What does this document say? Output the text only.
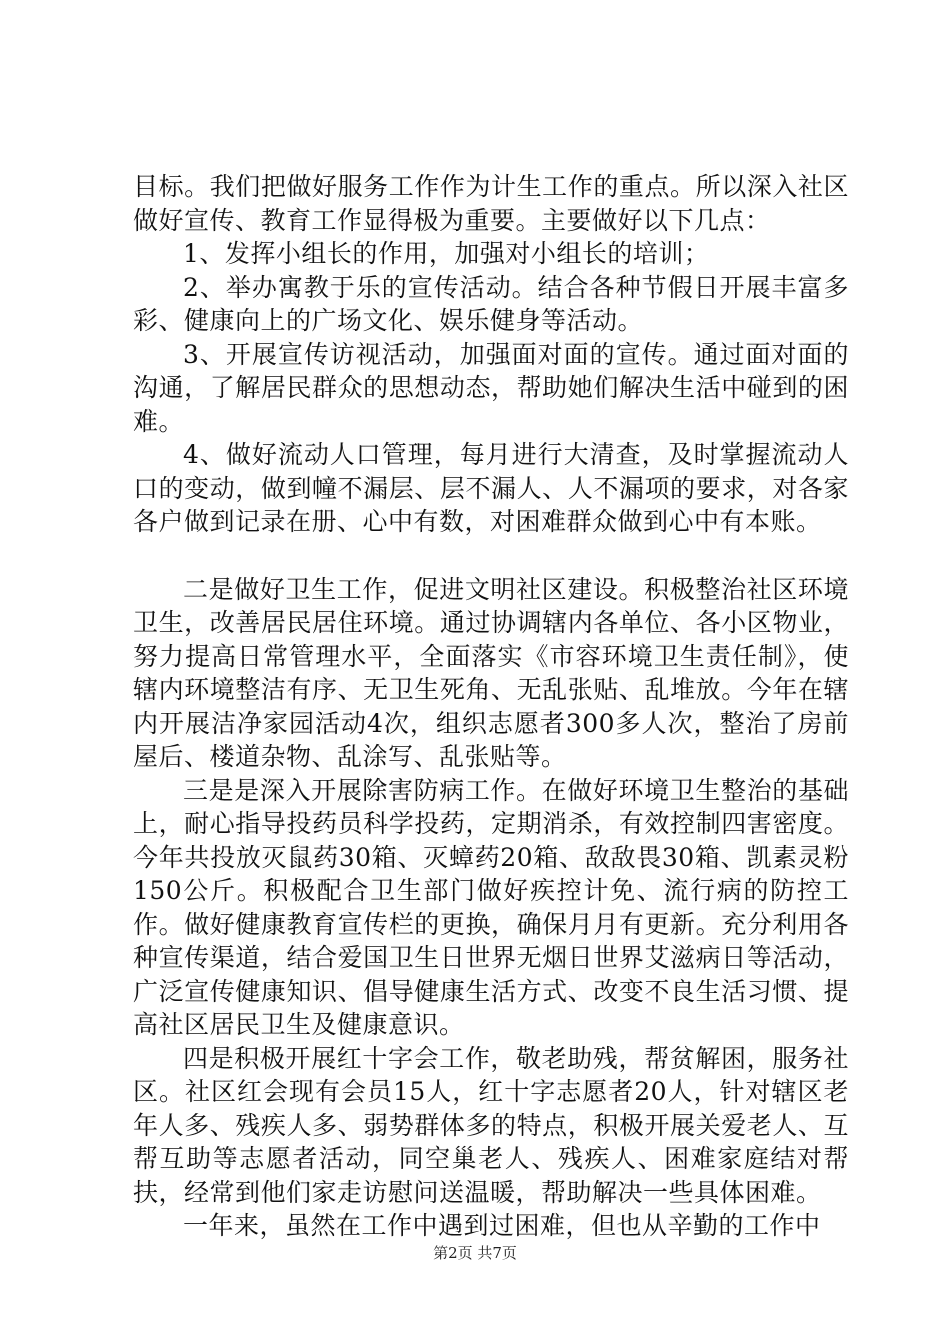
目标。我们把做好服务工作作为计生工作的重点。所以深入社区做好宣传、教育工作显得极为重要。主要做好以下几点：

1、发挥小组长的作用，加强对小组长的培训；

2、举办寓教于乐的宣传活动。结合各种节假日开展丰富多彩、健康向上的广场文化、娱乐健身等活动。

3、开展宣传访视活动，加强面对面的宣传。通过面对面的沟通，了解居民群众的思想动态，帮助她们解决生活中碰到的困难。

4、做好流动人口管理，每月进行大清查，及时掌握流动人口的变动，做到幢不漏层、层不漏人、人不漏项的要求，对各家各户做到记录在册、心中有数，对困难群众做到心中有本账。

二是做好卫生工作，促进文明社区建设。积极整治社区环境卫生，改善居民居住环境。通过协调辖内各单位、各小区物业，努力提高日常管理水平，全面落实《市容环境卫生责任制》，使辖内环境整洁有序、无卫生死角、无乱张贴、乱堆放。今年在辖内开展洁净家园活动4次，组织志愿者300多人次，整治了房前屋后、楼道杂物、乱涂写、乱张贴等。

三是是深入开展除害防病工作。在做好环境卫生整治的基础上，耐心指导投药员科学投药，定期消杀，有效控制四害密度。今年共投放灭鼠药30箱、灭蟑药20箱、敌敌畏30箱、凯素灵粉150公斤。积极配合卫生部门做好疾控计免、流行病的防控工作。做好健康教育宣传栏的更换，确保月月有更新。充分利用各种宣传渠道，结合爱国卫生日世界无烟日世界艾滋病日等活动，广泛宣传健康知识、倡导健康生活方式、改变不良生活习惯、提高社区居民卫生及健康意识。

四是积极开展红十字会工作，敬老助残，帮贫解困，服务社区。社区红会现有会员15人，红十字志愿者20人，针对辖区老年人多、残疾人多、弱势群体多的特点，积极开展关爱老人、互帮互助等志愿者活动，同空巢老人、残疾人、困难家庭结对帮扶，经常到他们家走访慰问送温暖，帮助解决一些具体困难。

一年来，虽然在工作中遇到过困难，但也从辛勤的工作中

第2页 共7页
